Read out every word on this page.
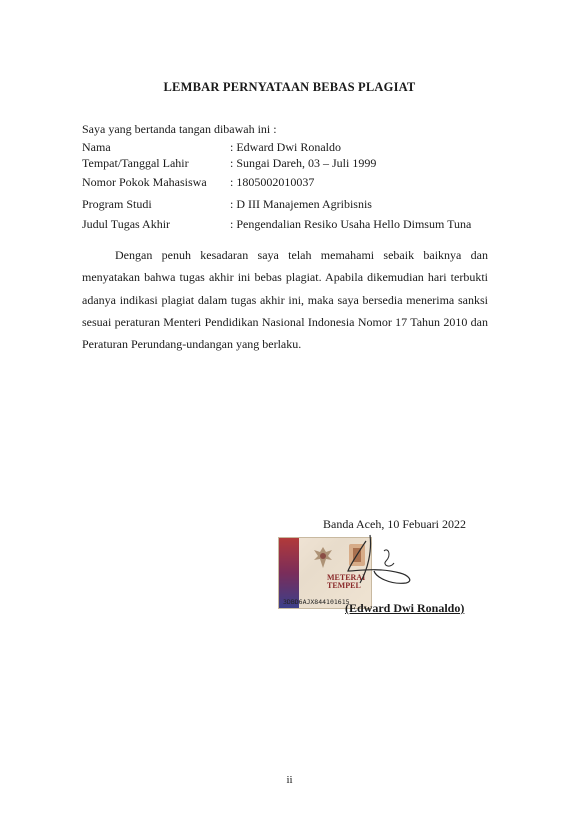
LEMBAR PERNYATAAN BEBAS PLAGIAT
Saya yang bertanda tangan dibawah ini :
Nama	: Edward Dwi Ronaldo
Tempat/Tanggal Lahir	: Sungai Dareh, 03 – Juli 1999
Nomor Pokok Mahasiswa : 1805002010037
Program Studi	: D III Manajemen Agribisnis
Judul Tugas Akhir	: Pengendalian Resiko Usaha Hello Dimsum Tuna
Dengan penuh kesadaran saya telah memahami sebaik baiknya dan menyatakan bahwa tugas akhir ini bebas plagiat. Apabila dikemudian hari terbukti adanya indikasi plagiat dalam tugas akhir ini, maka saya bersedia menerima sanksi sesuai peraturan Menteri Pendidikan Nasional Indonesia Nomor 17 Tahun 2010 dan Peraturan Perundang-undangan yang berlaku.
Banda Aceh, 10 Febuari 2022
METERAI TEMPEL
3DBD6AJX844101615
(Edward Dwi Ronaldo)
ii
